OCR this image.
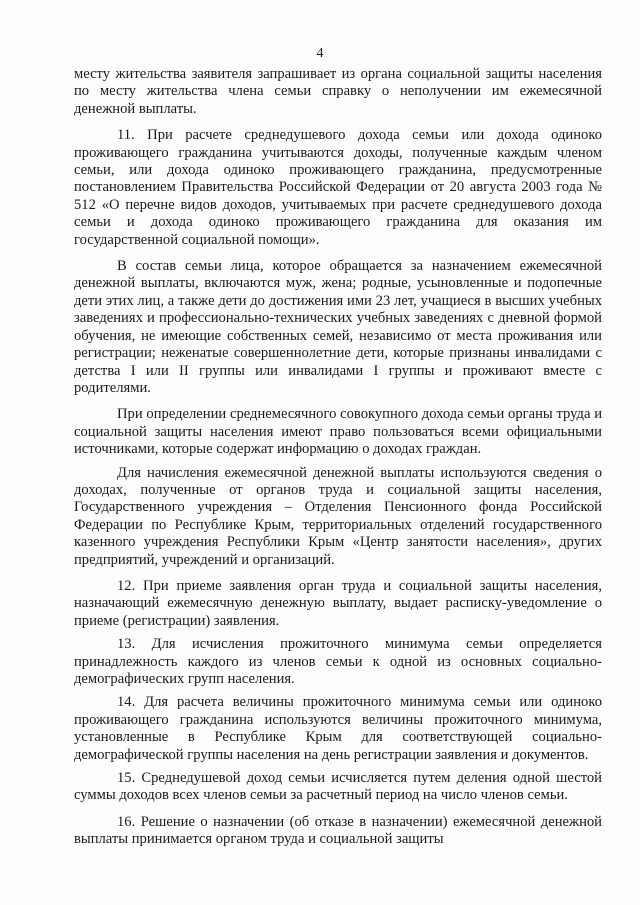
4

месту жительства заявителя запрашивает из органа социальной защиты населения по месту жительства члена семьи справку о неполучении им ежемесячной денежной выплаты.

11. При расчете среднедушевого дохода семьи или дохода одиноко проживающего гражданина учитываются доходы, полученные каждым членом семьи, или дохода одиноко проживающего гражданина, предусмотренные постановлением Правительства Российской Федерации от 20 августа 2003 года № 512 «О перечне видов доходов, учитываемых при расчете среднедушевого дохода семьи и дохода одиноко проживающего гражданина для оказания им государственной социальной помощи».

В состав семьи лица, которое обращается за назначением ежемесячной денежной выплаты, включаются муж, жена; родные, усыновленные и подопечные дети этих лиц, а также дети до достижения ими 23 лет, учащиеся в высших учебных заведениях и профессионально-технических учебных заведениях с дневной формой обучения, не имеющие собственных семей, независимо от места проживания или регистрации; неженатые совершеннолетние дети, которые признаны инвалидами с детства I или II группы или инвалидами I группы и проживают вместе с родителями.

При определении среднемесячного совокупного дохода семьи органы труда и социальной защиты населения имеют право пользоваться всеми официальными источниками, которые содержат информацию о доходах граждан.

Для начисления ежемесячной денежной выплаты используются сведения о доходах, полученные от органов труда и социальной защиты населения, Государственного учреждения – Отделения Пенсионного фонда Российской Федерации по Республике Крым, территориальных отделений государственного казенного учреждения Республики Крым «Центр занятости населения», других предприятий, учреждений и организаций.

12. При приеме заявления орган труда и социальной защиты населения, назначающий ежемесячную денежную выплату, выдает расписку-уведомление о приеме (регистрации) заявления.

13. Для исчисления прожиточного минимума семьи определяется принадлежность каждого из членов семьи к одной из основных социально-демографических групп населения.

14. Для расчета величины прожиточного минимума семьи или одиноко проживающего гражданина используются величины прожиточного минимума, установленные в Республике Крым для соответствующей социально-демографической группы населения на день регистрации заявления и документов.

15. Среднедушевой доход семьи исчисляется путем деления одной шестой суммы доходов всех членов семьи за расчетный период на число членов семьи.

16. Решение о назначении (об отказе в назначении) ежемесячной денежной выплаты принимается органом труда и социальной защиты
